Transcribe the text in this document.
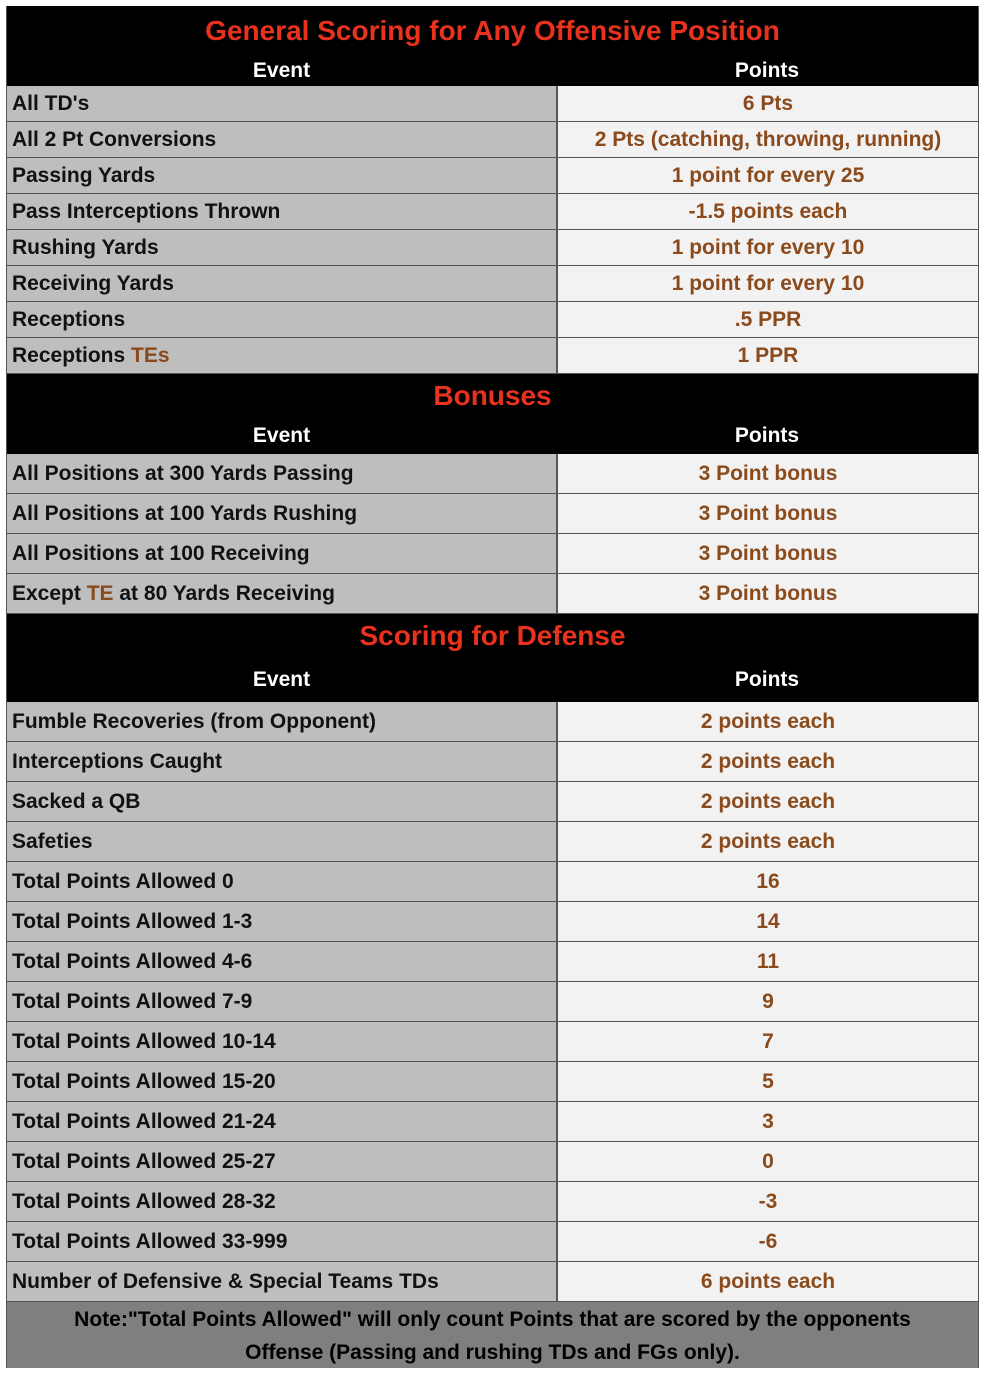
General Scoring for Any Offensive Position
Event	Points
All TD's	6 Pts
All 2 Pt Conversions	2 Pts (catching, throwing, running)
Passing Yards	1 point for every 25
Pass Interceptions Thrown	-1.5 points each
Rushing Yards	1 point for every 10
Receiving Yards	1 point for every 10
Receptions	.5 PPR
Receptions TEs	1 PPR
Bonuses
Event	Points
All Positions at 300 Yards Passing	3 Point bonus
All Positions at 100 Yards Rushing	3 Point bonus
All Positions at 100 Receiving	3 Point bonus
Except TE at 80 Yards Receiving	3 Point bonus
Scoring for Defense
Event	Points
Fumble Recoveries (from Opponent)	2 points each
Interceptions Caught	2 points each
Sacked a QB	2 points each
Safeties	2 points each
Total Points Allowed 0	16
Total Points Allowed 1-3	14
Total Points Allowed 4-6	11
Total Points Allowed 7-9	9
Total Points Allowed 10-14	7
Total Points Allowed 15-20	5
Total Points Allowed 21-24	3
Total Points Allowed 25-27	0
Total Points Allowed 28-32	-3
Total Points Allowed 33-999	-6
Number of Defensive & Special Teams TDs	6 points each
Note:"Total Points Allowed" will only count Points that are scored by the opponents
Offense (Passing and rushing TDs and FGs only).
